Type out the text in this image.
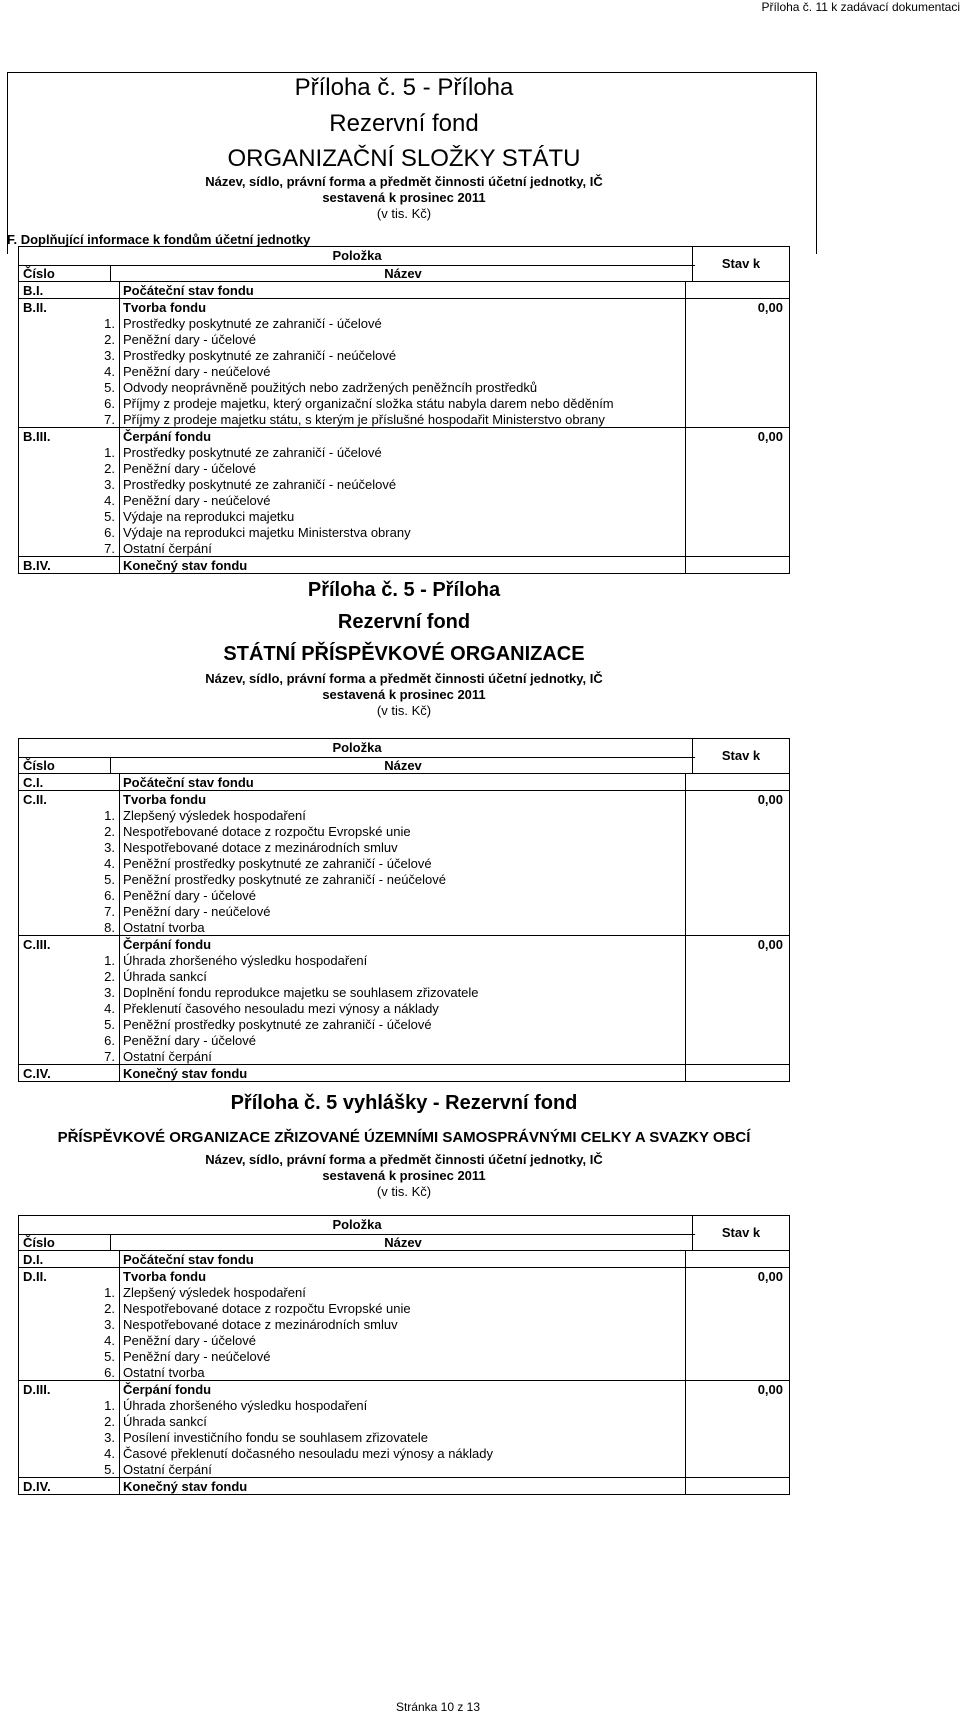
Příloha č. 11 k zadávací dokumentaci
Příloha č. 5 - Příloha
Rezervní fond
ORGANIZAČNÍ SLOŽKY STÁTU
Název, sídlo, právní forma a předmět činnosti účetní jednotky, IČ
sestavená k prosinec 2011
(v tis. Kč)
F. Doplňující informace k fondům účetní jednotky
Položka
Číslo	Název
Stav k
B.I.	Počáteční stav fondu	
B.II.	Tvorba fondu	0,00
1.	Prostředky poskytnuté ze zahraničí - účelové	
2.	Peněžní dary - účelové	
3.	Prostředky poskytnuté ze zahraničí - neúčelové	
4.	Peněžní dary - neúčelové	
5.	Odvody neoprávněně použitých nebo zadržených peněžncíh prostředků	
6.	Příjmy z prodeje majetku, který organizační složka státu nabyla darem nebo děděním	
7.	Příjmy z prodeje majetku státu, s kterým je příslušné hospodařit Ministerstvo obrany	
B.III.	Čerpání fondu	0,00
1.	Prostředky poskytnuté ze zahraničí - účelové	
2.	Peněžní dary - účelové	
3.	Prostředky poskytnuté ze zahraničí - neúčelové	
4.	Peněžní dary - neúčelové	
5.	Výdaje na reprodukci majetku	
6.	Výdaje na reprodukci majetku Ministerstva obrany	
7.	Ostatní čerpání	
B.IV.	Konečný stav fondu	
Příloha č. 5 - Příloha
Rezervní fond
STÁTNÍ PŘÍSPĚVKOVÉ ORGANIZACE
Název, sídlo, právní forma a předmět činnosti účetní jednotky, IČ
sestavená k prosinec 2011
(v tis. Kč)
Položka
Číslo	Název
Stav k
C.I.	Počáteční stav fondu	
C.II.	Tvorba fondu	0,00
1.	Zlepšený výsledek hospodaření	
2.	Nespotřebované dotace z rozpočtu Evropské unie	
3.	Nespotřebované dotace z mezinárodních smluv	
4.	Peněžní prostředky poskytnuté ze zahraničí - účelové	
5.	Peněžní prostředky poskytnuté ze zahraničí - neúčelové	
6.	Peněžní dary - účelové	
7.	Peněžní dary - neúčelové	
8.	Ostatní tvorba	
C.III.	Čerpání fondu	0,00
1.	Úhrada zhoršeného výsledku hospodaření	
2.	Úhrada sankcí	
3.	Doplnění fondu reprodukce majetku se souhlasem zřizovatele	
4.	Překlenutí časového nesouladu mezi výnosy a náklady	
5.	Peněžní prostředky poskytnuté ze zahraničí - účelové	
6.	Peněžní dary - účelové	
7.	Ostatní čerpání	
C.IV.	Konečný stav fondu	
Příloha č. 5 vyhlášky - Rezervní fond
PŘÍSPĚVKOVÉ ORGANIZACE ZŘIZOVANÉ ÚZEMNÍMI SAMOSPRÁVNÝMI CELKY A SVAZKY OBCÍ
Název, sídlo, právní forma a předmět činnosti účetní jednotky, IČ
sestavená k prosinec 2011
(v tis. Kč)
Položka
Číslo	Název
Stav k
D.I.	Počáteční stav fondu	
D.II.	Tvorba fondu	0,00
1.	Zlepšený výsledek hospodaření	
2.	Nespotřebované dotace z rozpočtu Evropské unie	
3.	Nespotřebované dotace z mezinárodních smluv	
4.	Peněžní dary - účelové	
5.	Peněžní dary - neúčelové	
6.	Ostatní tvorba	
D.III.	Čerpání fondu	0,00
1.	Úhrada zhoršeného výsledku hospodaření	
2.	Úhrada sankcí	
3.	Posílení investičního fondu se souhlasem zřizovatele	
4.	Časové překlenutí dočasného nesouladu mezi výnosy a náklady	
5.	Ostatní čerpání	
D.IV.	Konečný stav fondu	
Stránka 10 z 13
